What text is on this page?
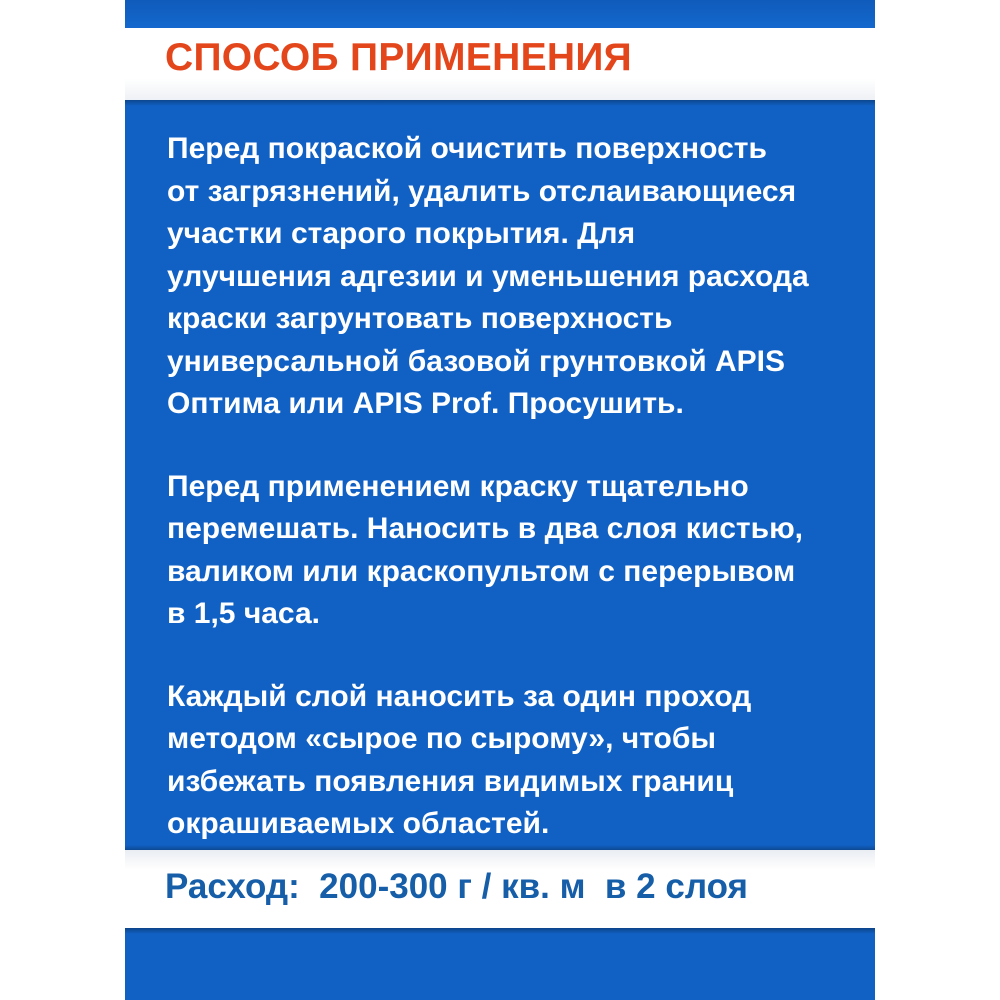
СПОСОБ ПРИМЕНЕНИЯ

Перед покраской очистить поверхность
от загрязнений, удалить отслаивающиеся
участки старого покрытия. Для
улучшения адгезии и уменьшения расхода
краски загрунтовать поверхность
универсальной базовой грунтовкой APIS
Оптима или APIS Prof. Просушить.

Перед применением краску тщательно
перемешать. Наносить в два слоя кистью,
валиком или краскопультом с перерывом
в 1,5 часа.

Каждый слой наносить за один проход
методом «сырое по сырому», чтобы
избежать появления видимых границ
окрашиваемых областей.

Расход:  200-300 г / кв. м  в 2 слоя
